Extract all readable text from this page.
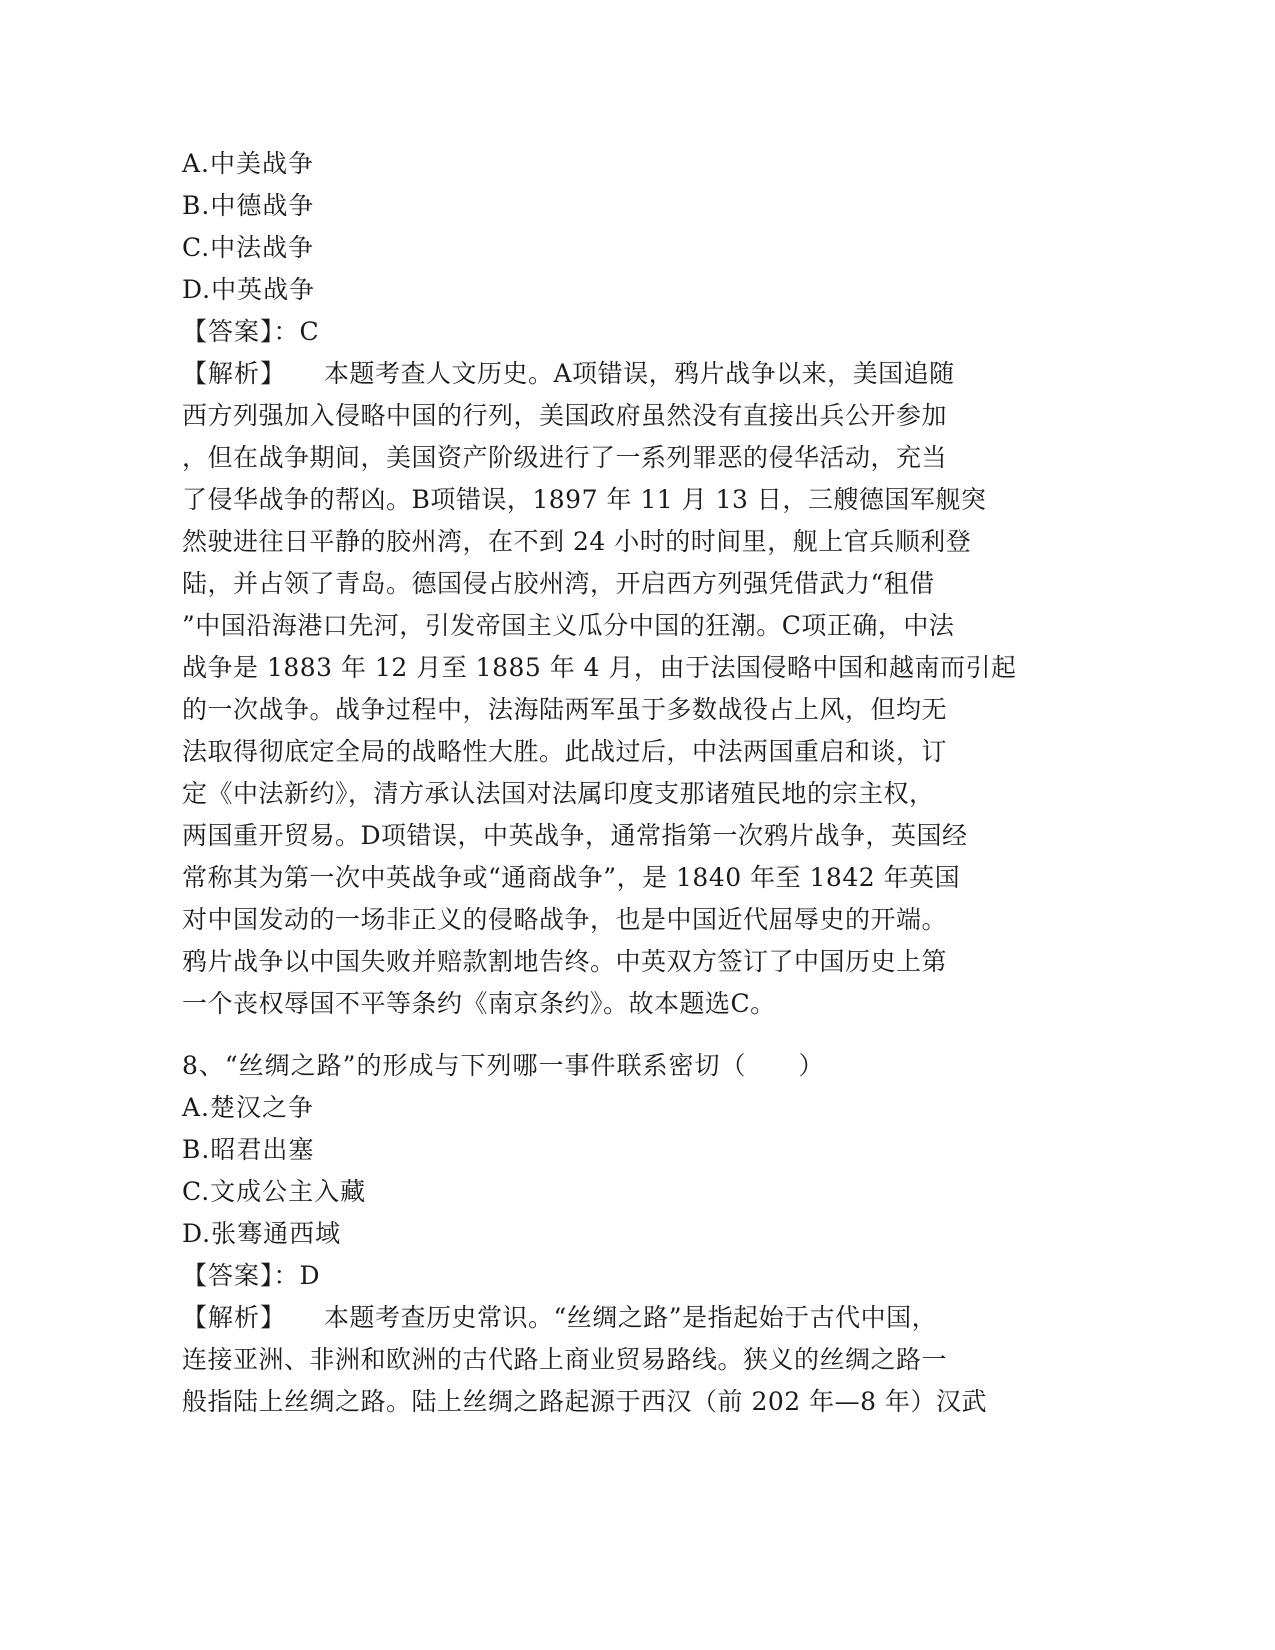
A.中美战争
B.中德战争
C.中法战争
D.中英战争
【答案】：C
【解析】 本题考查人文历史。A项错误，鸦片战争以来，美国追随
西方列强加入侵略中国的行列，美国政府虽然没有直接出兵公开参加
，但在战争期间，美国资产阶级进行了一系列罪恶的侵华活动，充当
了侵华战争的帮凶。B项错误，1897 年 11 月 13 日，三艘德国军舰突
然驶进往日平静的胶州湾，在不到 24 小时的时间里，舰上官兵顺利登
陆，并占领了青岛。德国侵占胶州湾，开启西方列强凭借武力“租借
”中国沿海港口先河，引发帝国主义瓜分中国的狂潮。C项正确，中法
战争是 1883 年 12 月至 1885 年 4 月，由于法国侵略中国和越南而引起
的一次战争。战争过程中，法海陆两军虽于多数战役占上风，但均无
法取得彻底定全局的战略性大胜。此战过后，中法两国重启和谈，订
定《中法新约》，清方承认法国对法属印度支那诸殖民地的宗主权，
两国重开贸易。D项错误，中英战争，通常指第一次鸦片战争，英国经
常称其为第一次中英战争或“通商战争”，是 1840 年至 1842 年英国
对中国发动的一场非正义的侵略战争，也是中国近代屈辱史的开端。
鸦片战争以中国失败并赔款割地告终。中英双方签订了中国历史上第
一个丧权辱国不平等条约《南京条约》。故本题选C。
8、“丝绸之路”的形成与下列哪一事件联系密切（　　）
A.楚汉之争
B.昭君出塞
C.文成公主入藏
D.张骞通西域
【答案】：D
【解析】 本题考查历史常识。“丝绸之路”是指起始于古代中国，
连接亚洲、非洲和欧洲的古代路上商业贸易路线。狭义的丝绸之路一
般指陆上丝绸之路。陆上丝绸之路起源于西汉（前 202 年—8 年）汉武
